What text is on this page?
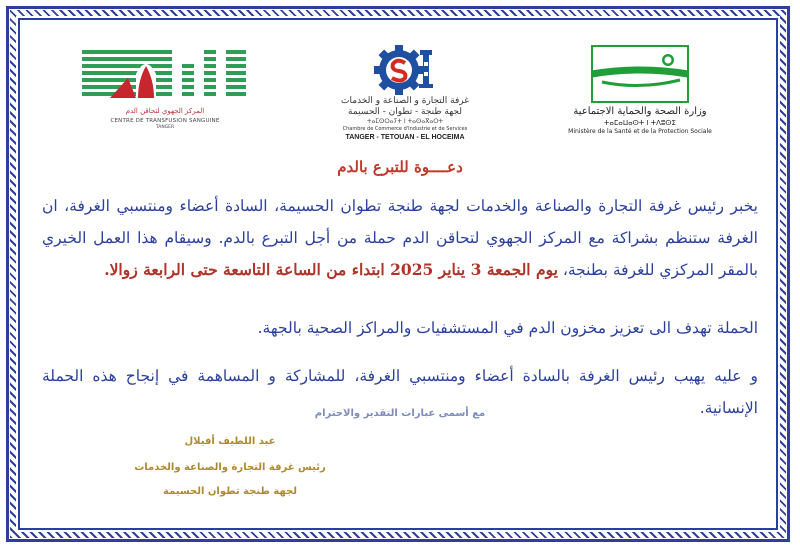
المركز الجهوي لتحاقن الدم
CENTRE DE TRANSFUSION SANGUINE
TANGER
غرفة التجارة و الصناعة و الخدمات
لجهة طنجة - تطوان - الحسيمة
ⵜⴰⵎⵙⵔⴰⵢⵜ ⵏ ⵜⴰⵙⴰⴳⴰⵔⵜ
Chambre de Commerce d'Industrie et de Services
TANGER - TETOUAN - EL HOCEIMA
وزارة الصحة والحماية الاجتماعية
ⵜⴰⵎⴰⵡⴰⵙⵜ ⵏ ⵜⴷⵓⵙⵉ
Ministère de la Santé et de la Protection Sociale
دعــــوة للتبرع بالدم
يخبر رئيس غرفة التجارة والصناعة والخدمات لجهة طنجة تطوان الحسيمة، السادة أعضاء ومنتسبي الغرفة، ان الغرفة ستنظم بشراكة مع المركز الجهوي لتحاقن الدم حملة من أجل التبرع بالدم. وسيقام هذا العمل الخيري بالمقر المركزي للغرفة بطنجة، يوم الجمعة 3 يناير 2025 ابتداء من الساعة التاسعة حتى الرابعة زوالا.
الحملة تهدف الى تعزيز مخزون الدم في المستشفيات والمراكز الصحية بالجهة.
و عليه يهيب رئيس الغرفة بالسادة أعضاء ومنتسبي الغرفة، للمشاركة و المساهمة في إنجاح هذه الحملة الإنسانية.
مع أسمى عبارات التقدير والاحترام
عبد اللطيف أفيلال
رئيس غرفة التجارة والصناعة والخدمات
لجهة طنجة تطوان الحسيمة
